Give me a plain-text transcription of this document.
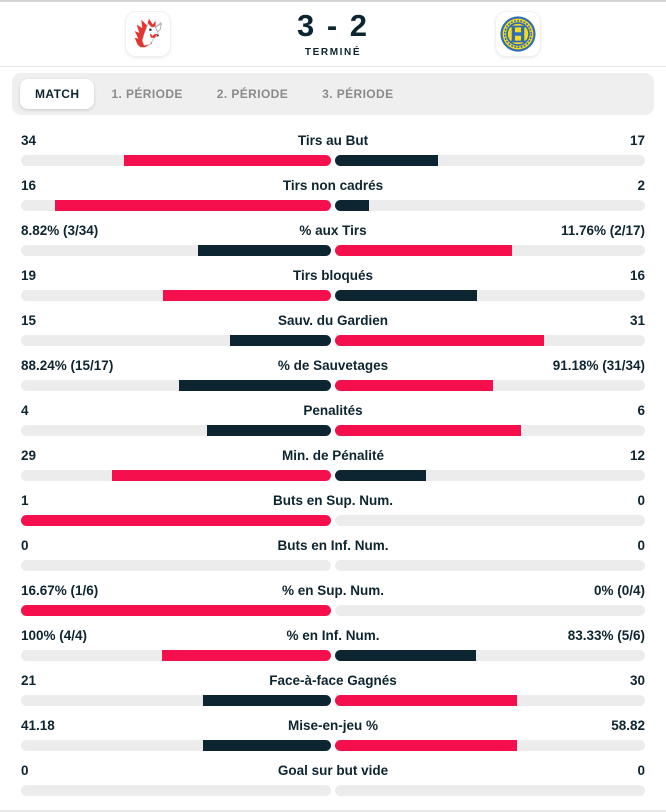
3 - 2
TERMINÉ
MATCH	1. PÉRIODE	2. PÉRIODE	3. PÉRIODE
34	Tirs au But	17
16	Tirs non cadrés	2
8.82% (3/34)	% aux Tirs	11.76% (2/17)
19	Tirs bloqués	16
15	Sauv. du Gardien	31
88.24% (15/17)	% de Sauvetages	91.18% (31/34)
4	Penalités	6
29	Min. de Pénalité	12
1	Buts en Sup. Num.	0
0	Buts en Inf. Num.	0
16.67% (1/6)	% en Sup. Num.	0% (0/4)
100% (4/4)	% en Inf. Num.	83.33% (5/6)
21	Face-à-face Gagnés	30
41.18	Mise-en-jeu %	58.82
0	Goal sur but vide	0
